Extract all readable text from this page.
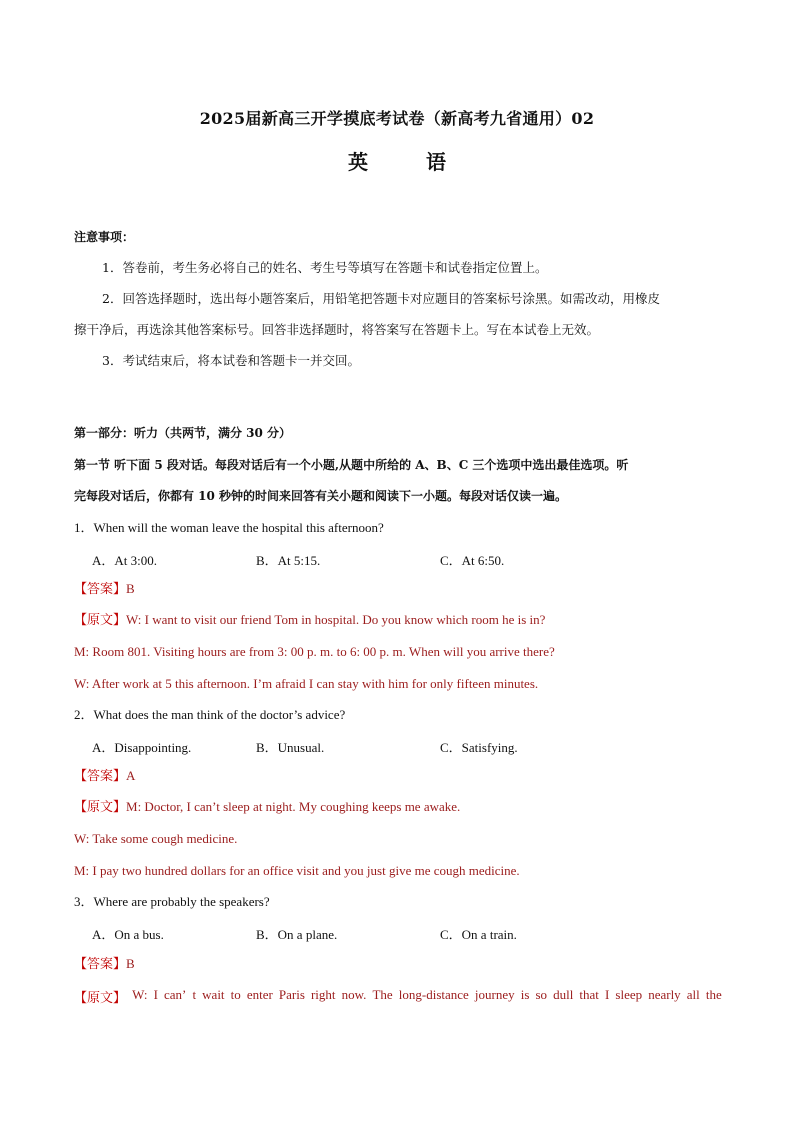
2025届新高三开学摸底考试卷（新高考九省通用）02
英	语
注意事项：
1．答卷前，考生务必将自己的姓名、考生号等填写在答题卡和试卷指定位置上。
2．回答选择题时，选出每小题答案后，用铅笔把答题卡对应题目的答案标号涂黑。如需改动，用橡皮
擦干净后，再选涂其他答案标号。回答非选择题时，将答案写在答题卡上。写在本试卷上无效。
3．考试结束后，将本试卷和答题卡一并交回。
第一部分：听力（共两节，满分 30 分）
第一节 听下面 5 段对话。每段对话后有一个小题,从题中所给的 A、B、C 三个选项中选出最佳选项。听
完每段对话后，你都有 10 秒钟的时间来回答有关小题和阅读下一小题。每段对话仅读一遍。
1．When will the woman leave the hospital this afternoon?
A．At 3:00.	B．At 5:15.	C．At 6:50.
【答案】B
【原文】W: I want to visit our friend Tom in hospital. Do you know which room he is in?
M: Room 801. Visiting hours are from 3: 00 p. m. to 6: 00 p. m. When will you arrive there?
W: After work at 5 this afternoon. I’m afraid I can stay with him for only fifteen minutes.
2．What does the man think of the doctor’s advice?
A．Disappointing.	B．Unusual.	C．Satisfying.
【答案】A
【原文】M: Doctor, I can’t sleep at night. My coughing keeps me awake.
W: Take some cough medicine.
M: I pay two hundred dollars for an office visit and you just give me cough medicine.
3．Where are probably the speakers?
A．On a bus.	B．On a plane.	C．On a train.
【答案】B
【原文】 W: I can’ t wait to enter Paris right now. The long-distance journey is so dull that I sleep nearly all the
